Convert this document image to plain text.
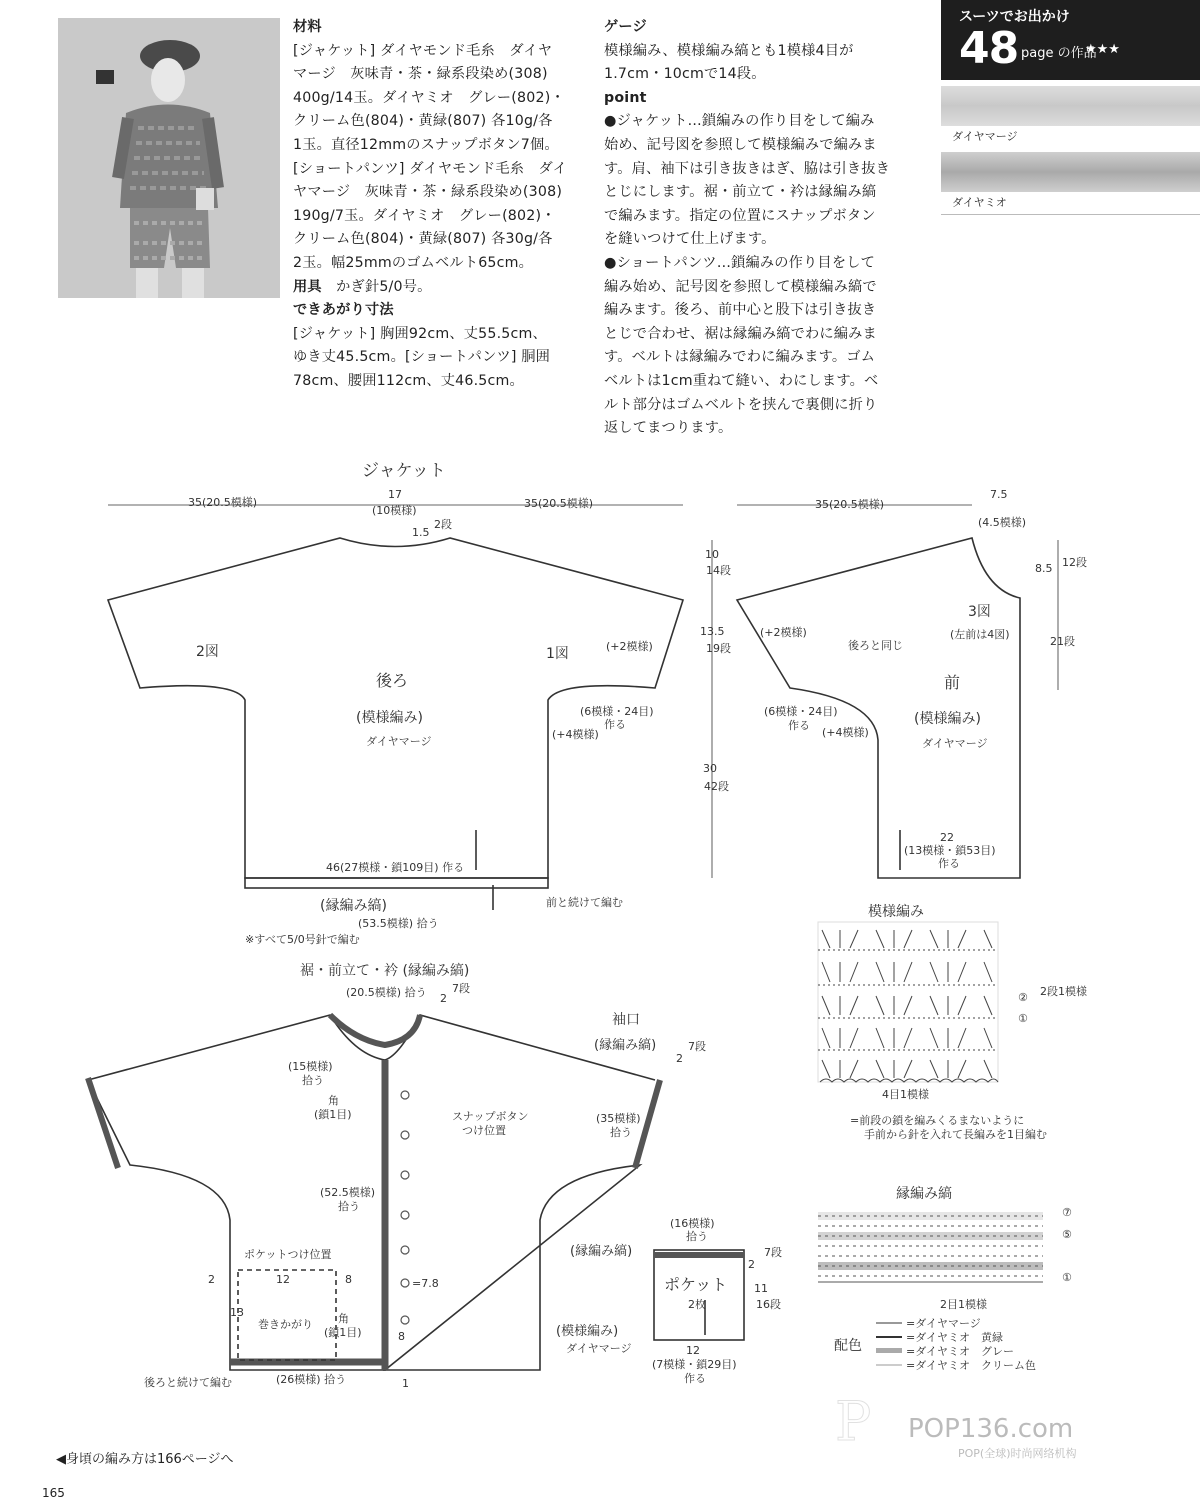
材料

[ジャケット] ダイヤモンド毛糸　ダイヤ

マージ　灰味青・茶・緑系段染め(308)

400g/14玉。ダイヤミオ　グレー(802)・

クリーム色(804)・黄緑(807) 各10g/各

1玉。直径12mmのスナップボタン7個。

[ショートパンツ] ダイヤモンド毛糸　ダイ

ヤマージ　灰味青・茶・緑系段染め(308)

190g/7玉。ダイヤミオ　グレー(802)・

クリーム色(804)・黄緑(807) 各30g/各

2玉。幅25mmのゴムベルト65cm。

用具　 かぎ針5/0号。

できあがり寸法

[ジャケット] 胸囲92cm、丈55.5cm、

ゆき丈45.5cm。[ショートパンツ] 胴囲

78cm、腰囲112cm、丈46.5cm。

ゲージ

模様編み、模様編み縞とも1模様4目が

1.7cm・10cmで14段。

point

●ジャケット…鎖編みの作り目をして編み

始め、記号図を参照して模様編みで編みま

す。肩、袖下は引き抜きはぎ、脇は引き抜き

とじにします。裾・前立て・衿は縁編み縞

で編みます。指定の位置にスナップボタン

を縫いつけて仕上げます。

●ショートパンツ…鎖編みの作り目をして

編み始め、記号図を参照して模様編み縞で

編みます。後ろ、前中心と股下は引き抜き

とじで合わせ、裾は縁編み縞でわに編みま

す。ベルトは縁編みでわに編みます。ゴム

ベルトは1cm重ねて縫い、わにします。ベ

ルト部分はゴムベルトを挟んで裏側に折り

返してまつります。

スーツでお出かけ
48 page の作品
★★★
ダイヤマージ
ダイヤミオ
P
ジャケット
35(20.5模様)
17
(10模様)
35(20.5模様)
1.5
2段
2図	1図
後ろ
(模様編み)
ダイヤマージ
(+2模様)
(6模様・24目)
作る
(+4模様)
10
14段
13.5
19段
30
42段
46(27模様・鎖109目) 作る
(縁編み縞)
(53.5模様) 拾う
前と続けて編む
※すべて5/0号針で編む
35(20.5模様)
7.5
(4.5模様)
8.5 12段
21段
3図
(左前は4図)
後ろと同じ
前
(模様編み)
ダイヤマージ
(+2模様)
(6模様・24目)
作る
(+4模様)
22
(13模様・鎖53目)
作る
裾・前立て・衿 (縁編み縞)
(20.5模様) 拾う 2
7段
(15模様)
拾う
角
(鎖1目)	スナップボタン
つけ位置
(52.5模様)
拾う
ポケットつけ位置
2	12	8
13
巻きかがり
=7.8
角
(鎖1目)	8
1
後ろと続けて編む	(26模様) 拾う
袖口
(縁編み縞)
2
7段
(35模様)
拾う
(16模様)
拾う
(縁編み縞)
ポケット
2枚
2
7段
11
16段
(模様編み)
ダイヤマージ	12
(7模様・鎖29目)
作る
模様編み
4目1模様
2段1模様
②
①
=前段の鎖を編みくるまないように
手前から針を入れて長編みを1目編む
縁編み縞
2目1模様
⑦
⑤
①
配色
=ダイヤマージ
=ダイヤミオ　黄緑
=ダイヤミオ　グレー
=ダイヤミオ　クリーム色
POP136.com
POP(全球)时尚网络机构
◀身頃の編み方は166ページへ
165
